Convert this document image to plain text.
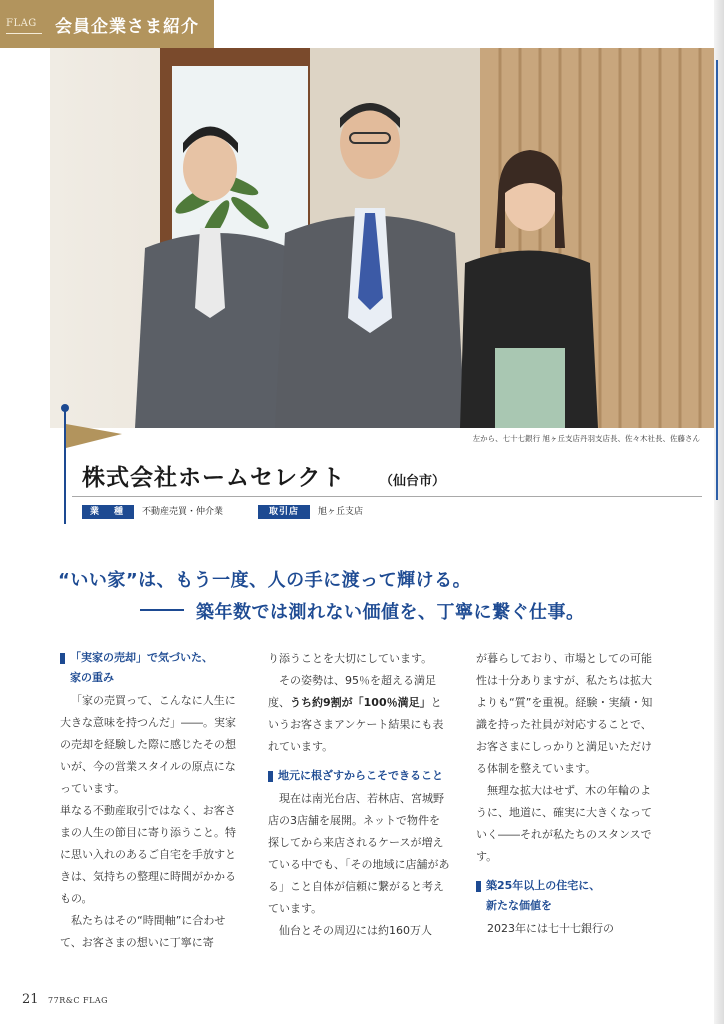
FLAG 会員企業さま紹介
左から、七十七銀行 旭ヶ丘支店丹羽支店長、佐々木社長、佐藤さん
株式会社ホームセレクト	（仙台市）
業　種	不動産売買・仲介業	取引店	旭ヶ丘支店
“いい家”は、もう一度、人の手に渡って輝ける。
築年数では測れない価値を、丁寧に繋ぐ仕事。
「実家の売却」で気づいた、
家の重み

「家の売買って、こんなに人生に大きな意味を持つんだ」――。実家の売却を経験した際に感じたその想いが、今の営業スタイルの原点になっています。

単なる不動産取引ではなく、お客さまの人生の節目に寄り添うこと。特に思い入れのあるご自宅を手放すときは、気持ちの整理に時間がかかるもの。

私たちはその“時間軸”に合わせて、お客さまの想いに丁寧に寄

り添うことを大切にしています。

その姿勢は、95％を超える満足度、うち約9割が「100％満足」というお客さまアンケート結果にも表れています。

地元に根ざすからこそできること

現在は南光台店、若林店、宮城野店の3店舗を展開。ネットで物件を探してから来店されるケースが増えている中でも、「その地域に店舗がある」こと自体が信頼に繋がると考えています。

仙台とその周辺には約160万人

が暮らしており、市場としての可能性は十分ありますが、私たちは拡大よりも“質”を重視。経験・実績・知識を持った社員が対応することで、お客さまにしっかりと満足いただける体制を整えています。

無理な拡大はせず、木の年輪のように、地道に、確実に大きくなっていく――それが私たちのスタンスです。

築25年以上の住宅に、
新たな価値を

2023年には七十七銀行の

21 77R&C FLAG
